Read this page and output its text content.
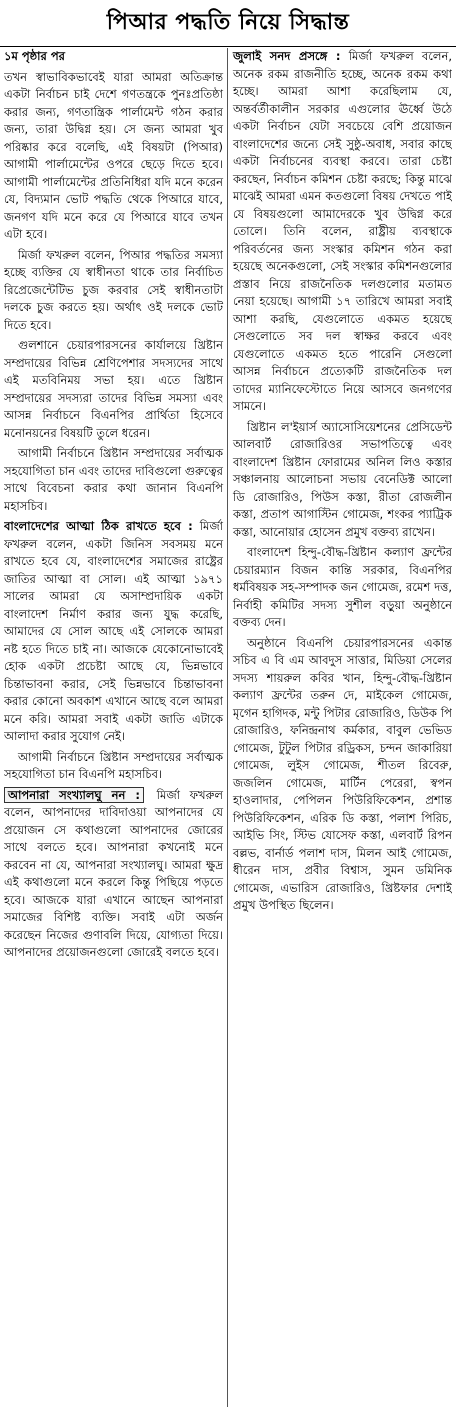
পিআর পদ্ধতি নিয়ে সিদ্ধান্ত

১ম পৃষ্ঠার পর

তখন স্বাভাবিকভাবেই যারা আমরা অতিক্রান্ত একটা নির্বাচন চাই দেশে গণতন্ত্রকে পুনঃপ্রতিষ্ঠা করার জন্য, গণতান্ত্রিক পার্লামেন্ট গঠন করার জন্য, তারা উদ্বিগ্ন হয়। সে জন্য আমরা খুব পরিষ্কার করে বলেছি, এই বিষয়টা (পিআর) আগামী পার্লামেন্টের ওপরে ছেড়ে দিতে হবে। আগামী পার্লামেন্টের প্রতিনিধিরা যদি মনে করেন যে, বিদ্যমান ভোট পদ্ধতি থেকে পিআরে যাবে, জনগণ যদি মনে করে যে পিআরে যাবে তখন এটা হবে।

মির্জা ফখরুল বলেন, পিআর পদ্ধতির সমস্যা হচ্ছে ব্যক্তির যে স্বাধীনতা থাকে তার নির্বাচিত রিপ্রেজেন্টেটিভ চুজ করবার সেই স্বাধীনতাটা দলকে চুজ করতে হয়। অর্থাৎ ওই দলকে ভোট দিতে হবে।

গুলশানে চেয়ারপারসনের কার্যালয়ে খ্রিষ্টান সম্প্রদায়ের বিভিন্ন শ্রেণিপেশার সদস্যদের সাথে এই মতবিনিময় সভা হয়। এতে খ্রিষ্টান সম্প্রদায়ের সদস্যরা তাদের বিভিন্ন সমস্যা এবং আসন্ন নির্বাচনে বিএনপির প্রার্থিতা হিসেবে মনোনয়নের বিষয়টি তুলে ধরেন।

আগামী নির্বাচনে খ্রিষ্টান সম্প্রদায়ের সর্বাত্মক সহযোগিতা চান এবং তাদের দাবিগুলো গুরুত্বের সাথে বিবেচনা করার কথা জানান বিএনপি মহাসচিব।

বাংলাদেশের আত্মা ঠিক রাখতে হবে : মির্জা ফখরুল বলেন, একটা জিনিস সবসময় মনে রাখতে হবে যে, বাংলাদেশের সমাজের রাষ্ট্রের জাতির আত্মা বা সোল। এই আত্মা ১৯৭১ সালের আমরা যে অসাম্প্রদায়িক একটা বাংলাদেশ নির্মাণ করার জন্য যুদ্ধ করেছি, আমাদের যে সোল আছে এই সোলকে আমরা নষ্ট হতে দিতে চাই না। আজকে যেকোনোভাবেই হোক একটা প্রচেষ্টা আছে যে, ভিন্নভাবে চিন্তাভাবনা করার, সেই ভিন্নভাবে চিন্তাভাবনা করার কোনো অবকাশ এখানে আছে বলে আমরা মনে করি। আমরা সবাই একটা জাতি এটাকে আলাদা করার সুযোগ নেই।

আগামী নির্বাচনে খ্রিষ্টান সম্প্রদায়ের সর্বাত্মক সহযোগিতা চান বিএনপি মহাসচিব।

আপনারা সংখ্যালঘু নন : মির্জা ফখরুল বলেন, আপনাদের দাবিদাওয়া আপনাদের যে প্রয়োজন সে কথাগুলো আপনাদের জোরের সাথে বলতে হবে। আপনারা কখনোই মনে করবেন না যে, আপনারা সংখ্যালঘু। আমরা ক্ষুদ্র এই কথাগুলো মনে করলে কিন্তু পিছিয়ে পড়তে হবে। আজকে যারা এখানে আছেন আপনারা সমাজের বিশিষ্ট ব্যক্তি। সবাই এটা অর্জন করেছেন নিজের গুণাবলি দিয়ে, যোগ্যতা দিয়ে। আপনাদের প্রয়োজনগুলো জোরেই বলতে হবে।

জুলাই সনদ প্রসঙ্গে : মির্জা ফখরুল বলেন, অনেক রকম রাজনীতি হচ্ছে, অনেক রকম কথা হচ্ছে। আমরা আশা করেছিলাম যে, অন্তর্বর্তীকালীন সরকার এগুলোর ঊর্ধ্বে উঠে একটা নির্বাচন যেটা সবচেয়ে বেশি প্রয়োজন বাংলাদেশের জন্যে সেই সুষ্ঠু-অবাধ, সবার কাছে একটা নির্বাচনের ব্যবস্থা করবে। তারা চেষ্টা করছেন, নির্বাচন কমিশন চেষ্টা করছে; কিন্তু মাঝে মাঝেই আমরা এমন কতগুলো বিষয় দেখতে পাই যে বিষয়গুলো আমাদেরকে খুব উদ্বিগ্ন করে তোলে। তিনি বলেন, রাষ্ট্রীয় ব্যবস্থাকে পরিবর্তনের জন্য সংস্কার কমিশন গঠন করা হয়েছে অনেকগুলো, সেই সংস্কার কমিশনগুলোর প্রস্তাব নিয়ে রাজনৈতিক দলগুলোর মতামত নেয়া হয়েছে। আগামী ১৭ তারিখে আমরা সবাই আশা করছি, যেগুলোতে একমত হয়েছে সেগুলোতে সব দল স্বাক্ষর করবে এবং যেগুলোতে একমত হতে পারেনি সেগুলো আসন্ন নির্বাচনে প্রত্যেকটি রাজনৈতিক দল তাদের ম্যানিফেস্টোতে নিয়ে আসবে জনগণের সামনে।

খ্রিষ্টান ল'ইয়ার্স অ্যাসোসিয়েশনের প্রেসিডেন্ট আলবার্ট রোজারিওর সভাপতিত্বে এবং বাংলাদেশ খ্রিষ্টান ফোরামের অনিল লিও কস্তার সঞ্চালনায় আলোচনা সভায় বেনেডিক্ট আলো ডি রোজারিও, পিউস কস্তা, রীতা রোজলীন কস্তা, প্রতাপ আগাস্টিন গোমেজ, শংকর প্যাট্রিক কস্তা, আনোয়ার হোসেন প্রমুখ বক্তব্য রাখেন।

বাংলাদেশ হিন্দু-বৌদ্ধ-খ্রিষ্টান কল্যাণ ফ্রন্টের চেয়ারম্যান বিজন কান্তি সরকার, বিএনপির ধর্মবিষয়ক সহ-সম্পাদক জন গোমেজ, রমেশ দত্ত, নির্বাহী কমিটির সদস্য সুশীল বড়ুয়া অনুষ্ঠানে বক্তব্য দেন।

অনুষ্ঠানে বিএনপি চেয়ারপারসনের একান্ত সচিব এ বি এম আবদুস সাত্তার, মিডিয়া সেলের সদস্য শায়রুল কবির খান, হিন্দু-বৌদ্ধ-খ্রিষ্টান কল্যাণ ফ্রন্টের তরুন দে, মাইকেল গোমেজ, মৃগেন হাগিদক, মন্টু পিটার রোজারিও, ডিউক পি রোজারিও, ফনিন্দ্রনাথ কর্মকার, বাবুল ভেভিড গোমেজ, টুটুল পিটার রড্রিকস, চন্দন জাকারিয়া গোমেজ, লুইস গোমেজ, শীতল রিবেরু, জজলিন গোমেজ, মার্টিন পেরেরা, স্বপন হাওলাদার, পেপিলন পিউরিফিকেশন, প্রশান্ত পিউরিফিকেশন, এরিক ডি কস্তা, পলাশ পিরিচ, আইভি সিং, স্টিভ যোসেফ কস্তা, এলবার্ট রিপন বল্লভ, বার্নার্ড পলাশ দাস, মিলন আই গোমেজ, ধীরেন দাস, প্রবীর বিশ্বাস, সুমন ডমিনিক গোমেজ, এভারিস রোজারিও, খ্রিষ্টফার দেশাই প্রমুখ উপস্থিত ছিলেন।
